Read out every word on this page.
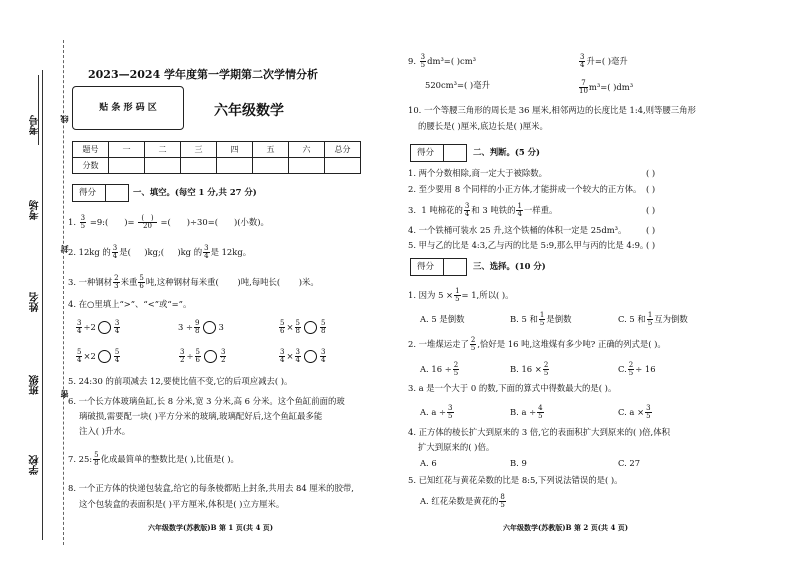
考号
考场
姓名
班级
学校
线
封
密
2023—2024 学年度第一学期第二次学情分析
贴 条 形 码 区	六年级数学
题号	一	二	三	四	五	六	总分
分数							
得分	一、填空。(每空 1 分,共 27 分)
1. $\frac{3}{5}$ =9:( )= $\frac{( )}{20}$ =( )÷30=( )(小数)。
2. 12kg 的 $\frac{3}{4}$ 是( )kg;( )kg 的 $\frac{3}{4}$ 是 12kg。
3. 一种钢材 $\frac{2}{3}$ 米重 $\frac{5}{6}$ 吨,这种钢材每米重( )吨,每吨长( )米。
4. 在○里填上“>”、“<”或“=”。
$\frac{3}{4} \div 2$	$\frac{3}{4}$	$3 \div \frac{9}{8} 3$	$\frac{5}{6} \times \frac{5}{8}$	$\frac{5}{8}$
$\frac{5}{4} \times 2$	$\frac{5}{4}$	$\frac{3}{2} \div \frac{5}{6}$	$\frac{3}{2}$	$\frac{3}{4} \times \frac{3}{4}$	$\frac{3}{4}$
5. 24:30 的前项减去 12,要使比值不变,它的后项应减去( )。
6. 一个长方体玻璃鱼缸,长 8 分米,宽 3 分米,高 6 分米。这个鱼缸前面的玻
璃破损,需要配一块( )平方分米的玻璃,玻璃配好后,这个鱼缸最多能
注入( )升水。
7. 25: $\frac{5}{8}$ 化成最简单的整数比是( ),比值是( )。
8. 一个正方体的快递包装盒,给它的每条棱都贴上封条,共用去 84 厘米的胶带,
这个包装盒的表面积是( )平方厘米,体积是( )立方厘米。
六年级数学(苏教版)B 第 1 页(共 4 页)
9. $\frac{3}{5} dm^3=$( )cm³	$\frac{3}{4}$ 升=( )毫升
520cm³=( )毫升	$\frac{7}{10} m^3=$( )dm³
10. 一个等腰三角形的周长是 36 厘米,相邻两边的长度比是 1:4,则等腰三角形
的腰长是( )厘米,底边长是( )厘米。
得分	二、判断。(5 分)
1. 两个分数相除,商一定大于被除数。	( )
2. 至少要用 8 个同样的小正方体,才能拼成一个较大的正方体。 ( )
3. 1 吨棉花的 $\frac{3}{4}$ 和 3 吨铁的 $\frac{1}{4}$ 一样重。	( )
4. 一个铁桶可装水 25 升,这个铁桶的体积一定是 25dm³。 ( )
5. 甲与乙的比是 4:3,乙与丙的比是 5:9,那么甲与丙的比是 4:9。
( )
得分	三、选择。(10 分)
1. 因为 $5 \times \frac{1}{5} = 1$,所以( )。
A. 5 是倒数	B. 5 和 $\frac{1}{5}$ 是倒数	C. 5 和 $\frac{1}{5}$ 互为倒数
2. 一堆煤运走了 $\frac{2}{5}$ ,恰好是 16 吨,这堆煤有多少吨? 正确的列式是( )。
A. $16 \div \frac{2}{5}$	B. $16 \times \frac{2}{5}$	C. $\frac{2}{5} \div 16$
3. a 是一个大于 0 的数,下面的算式中得数最大的是( )。
A. $a \div \frac{3}{5}$	B. $a \div \frac{4}{5}$	C. $a \times \frac{3}{5}$
4. 正方体的棱长扩大到原来的 3 倍,它的表面积扩大到原来的( )倍,体积
扩大到原来的( )倍。
A. 6	B. 9	C. 27
5. 已知红花与黄花朵数的比是 8:5,下列说法错误的是( )。
A. 红花朵数是黄花的 $\frac{8}{5}$
六年级数学(苏教版)B 第 2 页(共 4 页)
